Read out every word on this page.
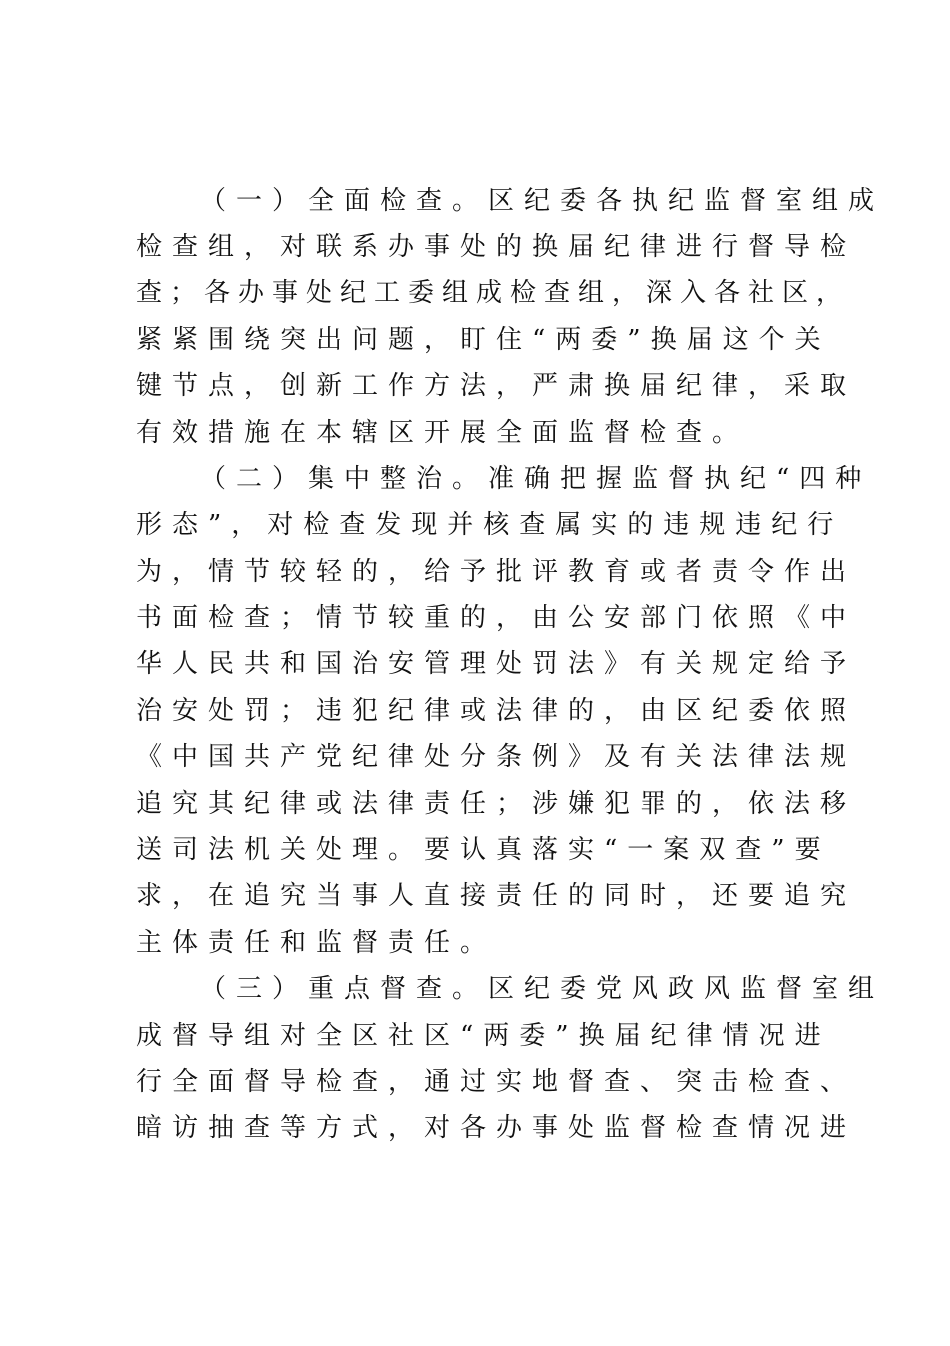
（一）全面检查。区纪委各执纪监督室组成
检查组，对联系办事处的换届纪律进行督导检
查；各办事处纪工委组成检查组，深入各社区，
紧紧围绕突出问题，盯住“两委”换届这个关
键节点，创新工作方法，严肃换届纪律，采取
有效措施在本辖区开展全面监督检查。
（二）集中整治。准确把握监督执纪“四种
形态”，对检查发现并核查属实的违规违纪行
为，情节较轻的，给予批评教育或者责令作出
书面检查；情节较重的，由公安部门依照《中
华人民共和国治安管理处罚法》有关规定给予
治安处罚；违犯纪律或法律的，由区纪委依照
《中国共产党纪律处分条例》及有关法律法规
追究其纪律或法律责任；涉嫌犯罪的，依法移
送司法机关处理。要认真落实“一案双查”要
求，在追究当事人直接责任的同时，还要追究
主体责任和监督责任。
（三）重点督查。区纪委党风政风监督室组
成督导组对全区社区“两委”换届纪律情况进
行全面督导检查，通过实地督查、突击检查、
暗访抽查等方式，对各办事处监督检查情况进
